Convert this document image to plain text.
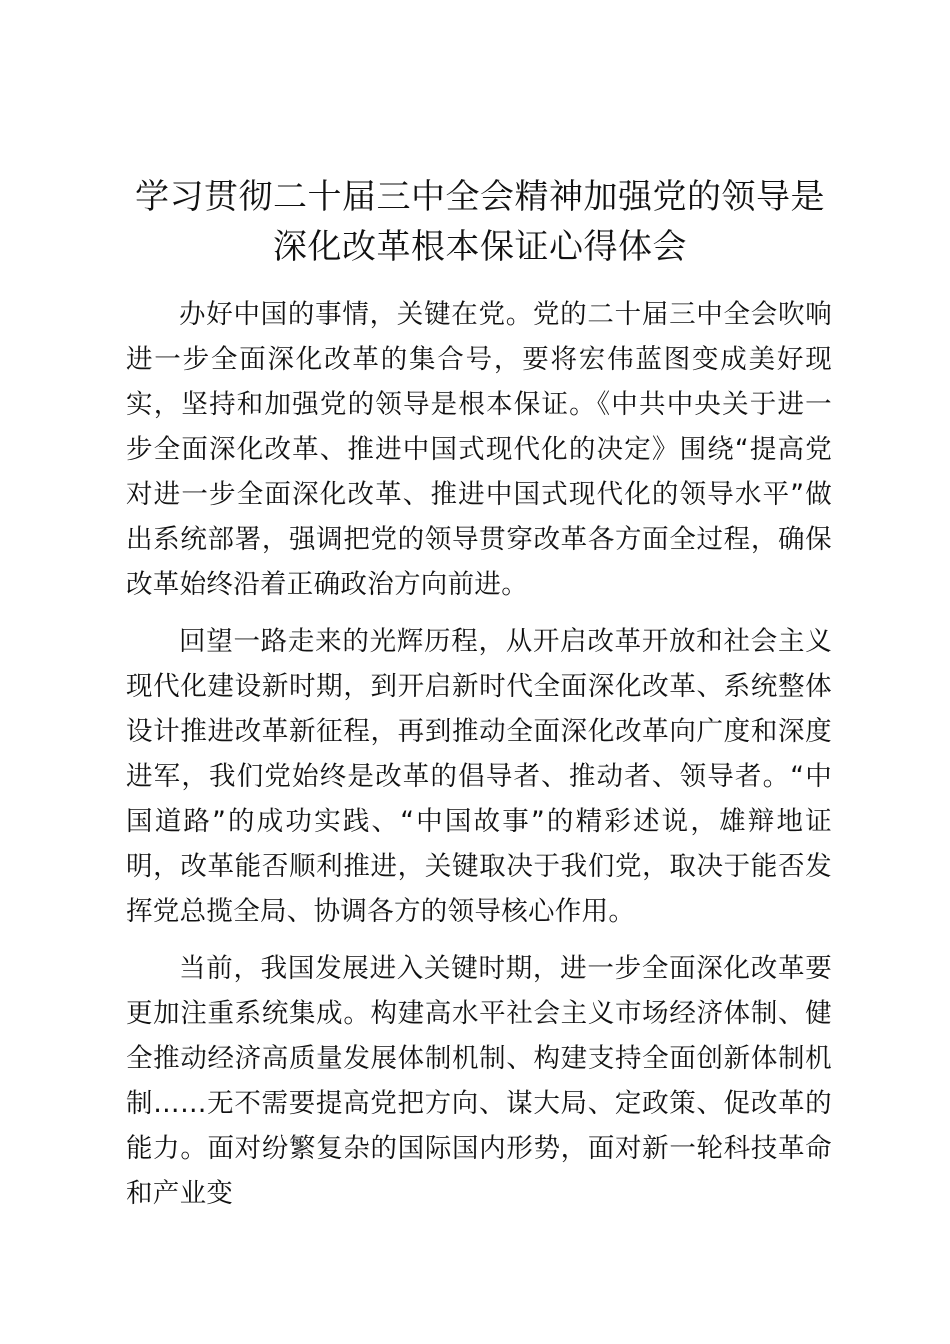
学习贯彻二十届三中全会精神加强党的领导是
深化改革根本保证心得体会

办好中国的事情，关键在党。党的二十届三中全会吹响进一步全面深化改革的集合号，要将宏伟蓝图变成美好现实，坚持和加强党的领导是根本保证。《中共中央关于进一步全面深化改革、推进中国式现代化的决定》围绕“提高党对进一步全面深化改革、推进中国式现代化的领导水平”做出系统部署，强调把党的领导贯穿改革各方面全过程，确保改革始终沿着正确政治方向前进。

回望一路走来的光辉历程，从开启改革开放和社会主义现代化建设新时期，到开启新时代全面深化改革、系统整体设计推进改革新征程，再到推动全面深化改革向广度和深度进军，我们党始终是改革的倡导者、推动者、领导者。“中国道路”的成功实践、“中国故事”的精彩述说，雄辩地证明，改革能否顺利推进，关键取决于我们党，取决于能否发挥党总揽全局、协调各方的领导核心作用。

当前，我国发展进入关键时期，进一步全面深化改革要更加注重系统集成。构建高水平社会主义市场经济体制、健全推动经济高质量发展体制机制、构建支持全面创新体制机制……无不需要提高党把方向、谋大局、定政策、促改革的能力。面对纷繁复杂的国际国内形势，面对新一轮科技革命和产业变
